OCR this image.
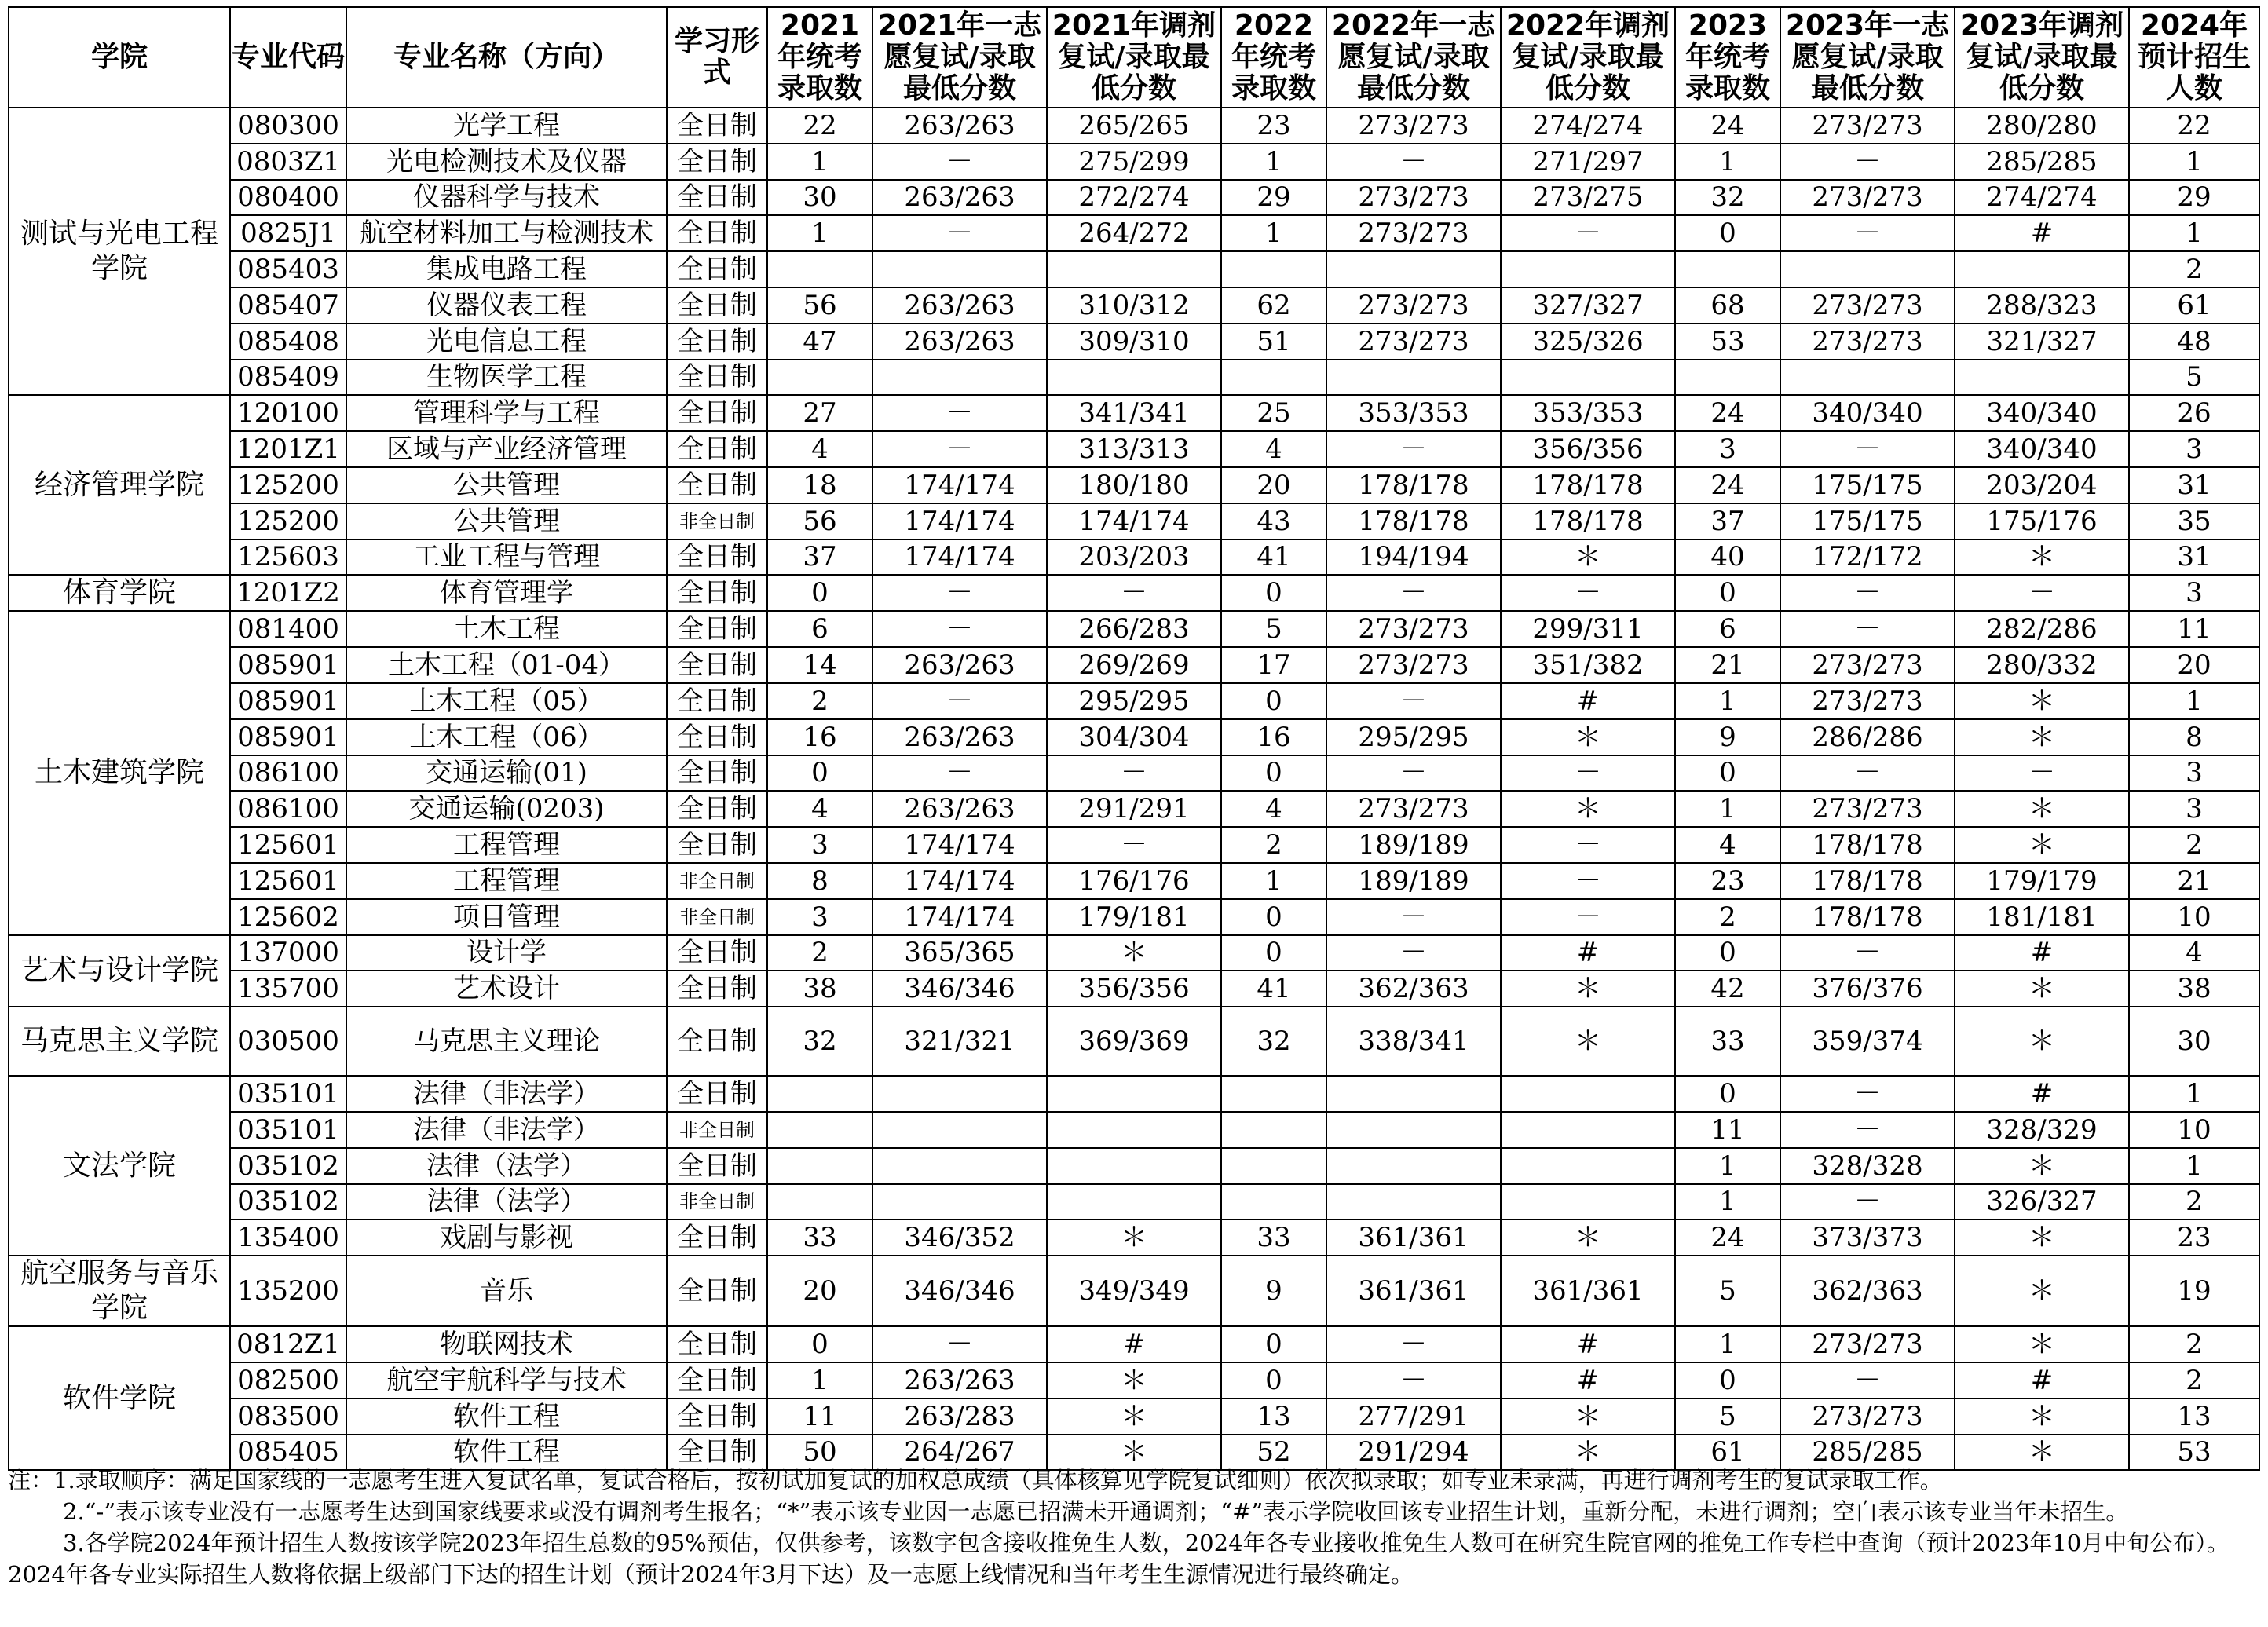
学院	专业代码	专业名称（方向）	学习形式	2021年统考录取数	2021年一志愿复试/录取最低分数	2021年调剂复试/录取最低分数	2022年统考录取数	2022年一志愿复试/录取最低分数	2022年调剂复试/录取最低分数	2023年统考录取数	2023年一志愿复试/录取最低分数	2023年调剂复试/录取最低分数	2024年预计招生人数
测试与光电工程学院	080300	光学工程	全日制	22	263/263	265/265	23	273/273	274/274	24	273/273	280/280	22
	0803Z1	光电检测技术及仪器	全日制	1	－	275/299	1	－	271/297	1	－	285/285	1
	080400	仪器科学与技术	全日制	30	263/263	272/274	29	273/273	273/275	32	273/273	274/274	29
	0825J1	航空材料加工与检测技术	全日制	1	－	264/272	1	273/273	－	0	－	#	1
	085403	集成电路工程	全日制										2
	085407	仪器仪表工程	全日制	56	263/263	310/312	62	273/273	327/327	68	273/273	288/323	61
	085408	光电信息工程	全日制	47	263/263	309/310	51	273/273	325/326	53	273/273	321/327	48
	085409	生物医学工程	全日制										5
经济管理学院	120100	管理科学与工程	全日制	27	－	341/341	25	353/353	353/353	24	340/340	340/340	26
	1201Z1	区域与产业经济管理	全日制	4	－	313/313	4	－	356/356	3	－	340/340	3
	125200	公共管理	全日制	18	174/174	180/180	20	178/178	178/178	24	175/175	203/204	31
	125200	公共管理	非全日制	56	174/174	174/174	43	178/178	178/178	37	175/175	175/176	35
	125603	工业工程与管理	全日制	37	174/174	203/203	41	194/194	＊	40	172/172	＊	31
体育学院	1201Z2	体育管理学	全日制	0	－	－	0	－	－	0	－	－	3
土木建筑学院	081400	土木工程	全日制	6	－	266/283	5	273/273	299/311	6	－	282/286	11
	085901	土木工程（01-04）	全日制	14	263/263	269/269	17	273/273	351/382	21	273/273	280/332	20
	085901	土木工程（05）	全日制	2	－	295/295	0	－	#	1	273/273	＊	1
	085901	土木工程（06）	全日制	16	263/263	304/304	16	295/295	＊	9	286/286	＊	8
	086100	交通运输(01)	全日制	0	－	－	0	－	－	0	－	－	3
	086100	交通运输(0203)	全日制	4	263/263	291/291	4	273/273	＊	1	273/273	＊	3
	125601	工程管理	全日制	3	174/174	－	2	189/189	－	4	178/178	＊	2
	125601	工程管理	非全日制	8	174/174	176/176	1	189/189	－	23	178/178	179/179	21
	125602	项目管理	非全日制	3	174/174	179/181	0	－	－	2	178/178	181/181	10
艺术与设计学院	137000	设计学	全日制	2	365/365	＊	0	－	#	0	－	#	4
	135700	艺术设计	全日制	38	346/346	356/356	41	362/363	＊	42	376/376	＊	38
马克思主义学院	030500	马克思主义理论	全日制	32	321/321	369/369	32	338/341	＊	33	359/374	＊	30
文法学院	035101	法律（非法学）	全日制							0	－	#	1
	035101	法律（非法学）	非全日制							11	－	328/329	10
	035102	法律（法学）	全日制							1	328/328	＊	1
	035102	法律（法学）	非全日制							1	－	326/327	2
	135400	戏剧与影视	全日制	33	346/352	＊	33	361/361	＊	24	373/373	＊	23
航空服务与音乐学院	135200	音乐	全日制	20	346/346	349/349	9	361/361	361/361	5	362/363	＊	19
软件学院	0812Z1	物联网技术	全日制	0	－	#	0	－	#	1	273/273	＊	2
	082500	航空宇航科学与技术	全日制	1	263/263	＊	0	－	#	0	－	#	2
	083500	软件工程	全日制	11	263/283	＊	13	277/291	＊	5	273/273	＊	13
	085405	软件工程	全日制	50	264/267	＊	52	291/294	＊	61	285/285	＊	53

注：1.录取顺序：满足国家线的一志愿考生进入复试名单，复试合格后，按初试加复试的加权总成绩（具体核算见学院复试细则）依次拟录取；如专业未录满，再进行调剂考生的复试录取工作。

2.“-”表示该专业没有一志愿考生达到国家线要求或没有调剂考生报名；“*”表示该专业因一志愿已招满未开通调剂；“#”表示学院收回该专业招生计划，重新分配，未进行调剂；空白表示该专业当年未招生。

3.各学院2024年预计招生人数按该学院2023年招生总数的95%预估，仅供参考，该数字包含接收推免生人数，2024年各专业接收推免生人数可在研究生院官网的推免工作专栏中查询（预计2023年10月中旬公布）。2024年各专业实际招生人数将依据上级部门下达的招生计划（预计2024年3月下达）及一志愿上线情况和当年考生生源情况进行最终确定。
